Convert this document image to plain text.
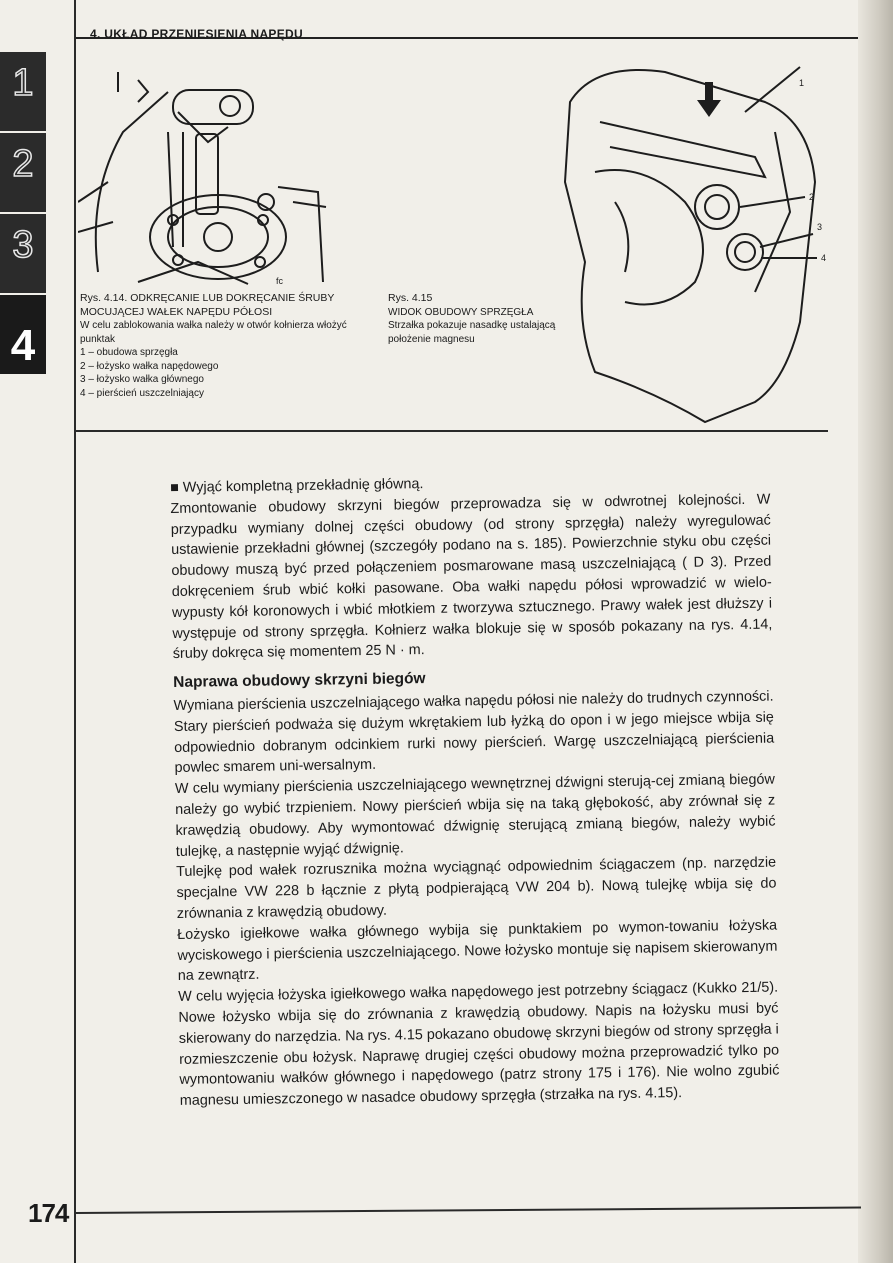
4. UKŁAD PRZENIESIENIA NAPĘDU
1
2
3
4
fc
1
2
3
4
Rys. 4.14. ODKRĘCANIE LUB DOKRĘCANIE ŚRUBY MOCUJĄCEJ WAŁEK NAPĘDU PÓŁOSI
W celu zablokowania wałka należy w otwór kołnierza włożyć punktak
1 – obudowa sprzęgła
2 – łożysko wałka napędowego
3 – łożysko wałka głównego
4 – pierścień uszczelniający
Rys. 4.15
WIDOK OBUDOWY SPRZĘGŁA
Strzałka pokazuje nasadkę ustalającą położenie magnesu

■ Wyjąć kompletną przekładnię główną.

Zmontowanie obudowy skrzyni biegów przeprowadza się w odwrotnej kolejności. W przypadku wymiany dolnej części obudowy (od strony sprzęgła) należy wyregulować ustawienie przekładni głównej (szczegóły podano na s. 185). Powierzchnie styku obu części obudowy muszą być przed połączeniem posmarowane masą uszczelniającą ( D 3). Przed dokręceniem śrub wbić kołki pasowane. Oba wałki napędu półosi wprowadzić w wielo-wypusty kół koronowych i wbić młotkiem z tworzywa sztucznego. Prawy wałek jest dłuższy i występuje od strony sprzęgła. Kołnierz wałka blokuje się w sposób pokazany na rys. 4.14, śruby dokręca się momentem 25 N · m.

Naprawa obudowy skrzyni biegów

Wymiana pierścienia uszczelniającego wałka napędu półosi nie należy do trudnych czynności. Stary pierścień podważa się dużym wkrętakiem lub łyżką do opon i w jego miejsce wbija się odpowiednio dobranym odcinkiem rurki nowy pierścień. Wargę uszczelniającą pierścienia powlec smarem uni-wersalnym.

W celu wymiany pierścienia uszczelniającego wewnętrznej dźwigni sterują-cej zmianą biegów należy go wybić trzpieniem. Nowy pierścień wbija się na taką głębokość, aby zrównał się z krawędzią obudowy. Aby wymontować dźwignię sterującą zmianą biegów, należy wybić tulejkę, a następnie wyjąć dźwignię.

Tulejkę pod wałek rozrusznika można wyciągnąć odpowiednim ściągaczem (np. narzędzie specjalne VW 228 b łącznie z płytą podpierającą VW 204 b). Nową tulejkę wbija się do zrównania z krawędzią obudowy.

Łożysko igiełkowe wałka głównego wybija się punktakiem po wymon-towaniu łożyska wyciskowego i pierścienia uszczelniającego. Nowe łożysko montuje się napisem skierowanym na zewnątrz.

W celu wyjęcia łożyska igiełkowego wałka napędowego jest potrzebny ściągacz (Kukko 21/5). Nowe łożysko wbija się do zrównania z krawędzią obudowy. Napis na łożysku musi być skierowany do narzędzia. Na rys. 4.15 pokazano obudowę skrzyni biegów od strony sprzęgła i rozmieszczenie obu łożysk. Naprawę drugiej części obudowy można przeprowadzić tylko po wymontowaniu wałków głównego i napędowego (patrz strony 175 i 176). Nie wolno zgubić magnesu umieszczonego w nasadce obudowy sprzęgła (strzałka na rys. 4.15).

174
